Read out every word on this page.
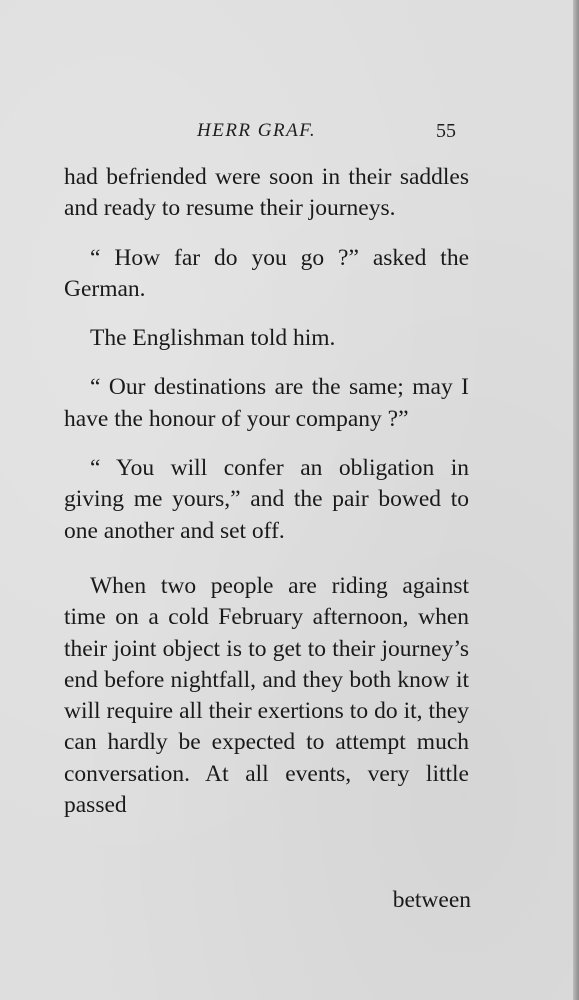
HERR GRAF.	55

had befriended were soon in their saddles and ready to resume their journeys.

“ How far do you go ?” asked the German.

The Englishman told him.

“ Our destinations are the same; may I have the honour of your company ?”

“ You will confer an obligation in giving me yours,” and the pair bowed to one another and set off.

When two people are riding against time on a cold February afternoon, when their joint object is to get to their journey’s end before nightfall, and they both know it will require all their exertions to do it, they can hardly be expected to attempt much conversation. At all events, very little passed

between
